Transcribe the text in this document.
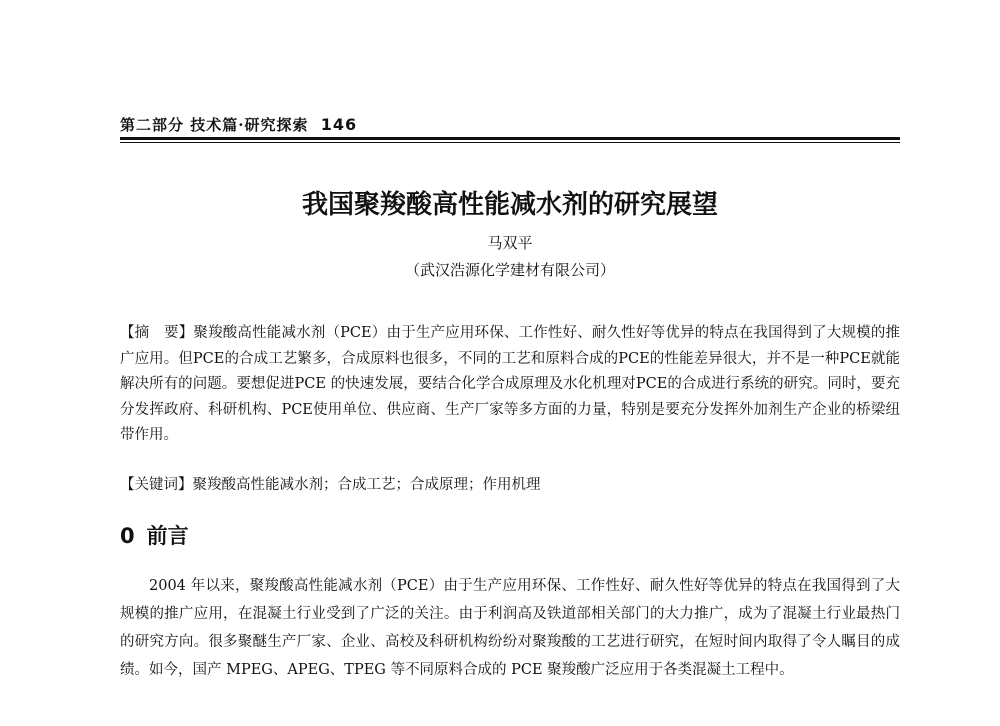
第二部分 技术篇·研究探索 146
我国聚羧酸高性能减水剂的研究展望
马双平
（武汉浩源化学建材有限公司）

【摘　要】聚羧酸高性能减水剂（PCE）由于生产应用环保、工作性好、耐久性好等优异的特点在我国得到了大规模的推广应用。但PCE的合成工艺繁多，合成原料也很多，不同的工艺和原料合成的PCE的性能差异很大，并不是一种PCE就能解决所有的问题。要想促进PCE 的快速发展，要结合化学合成原理及水化机理对PCE的合成进行系统的研究。同时，要充分发挥政府、科研机构、PCE使用单位、供应商、生产厂家等多方面的力量，特别是要充分发挥外加剂生产企业的桥梁纽带作用。

【关键词】聚羧酸高性能减水剂；合成工艺；合成原理；作用机理

0 前言

2004 年以来，聚羧酸高性能减水剂（PCE）由于生产应用环保、工作性好、耐久性好等优异的特点在我国得到了大规模的推广应用，在混凝土行业受到了广泛的关注。由于利润高及铁道部相关部门的大力推广，成为了混凝土行业最热门的研究方向。很多聚醚生产厂家、企业、高校及科研机构纷纷对聚羧酸的工艺进行研究，在短时间内取得了令人瞩目的成绩。如今，国产 MPEG、APEG、TPEG 等不同原料合成的 PCE 聚羧酸广泛应用于各类混凝土工程中。
